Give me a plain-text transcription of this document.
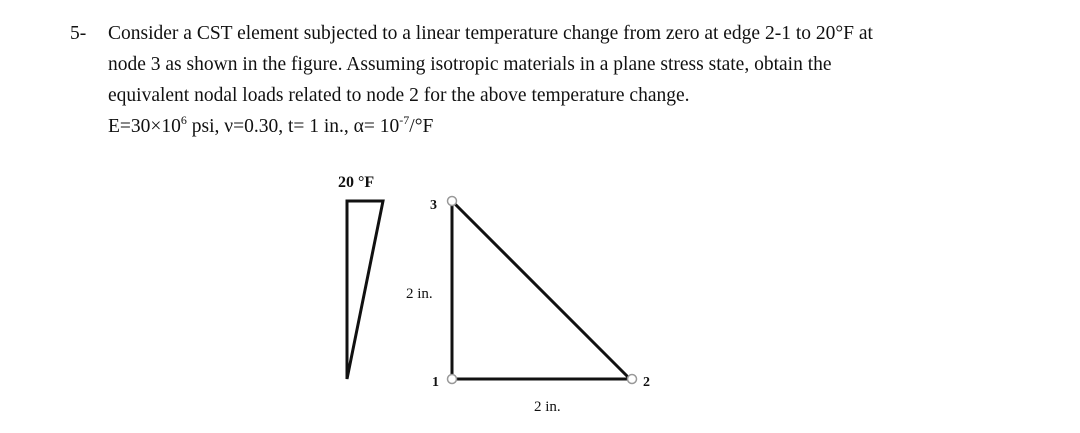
5- Consider a CST element subjected to a linear temperature change from zero at edge 2-1 to 20°F at
node 3 as shown in the figure. Assuming isotropic materials in a plane stress state, obtain the
equivalent nodal loads related to node 2 for the above temperature change.
$E=30\times 10^6$ psi, ν=0.30, t= 1 in., $\alpha= 10^{-7}/^\circ F$
20 °F
3
1	2
2 in.
2 in.
